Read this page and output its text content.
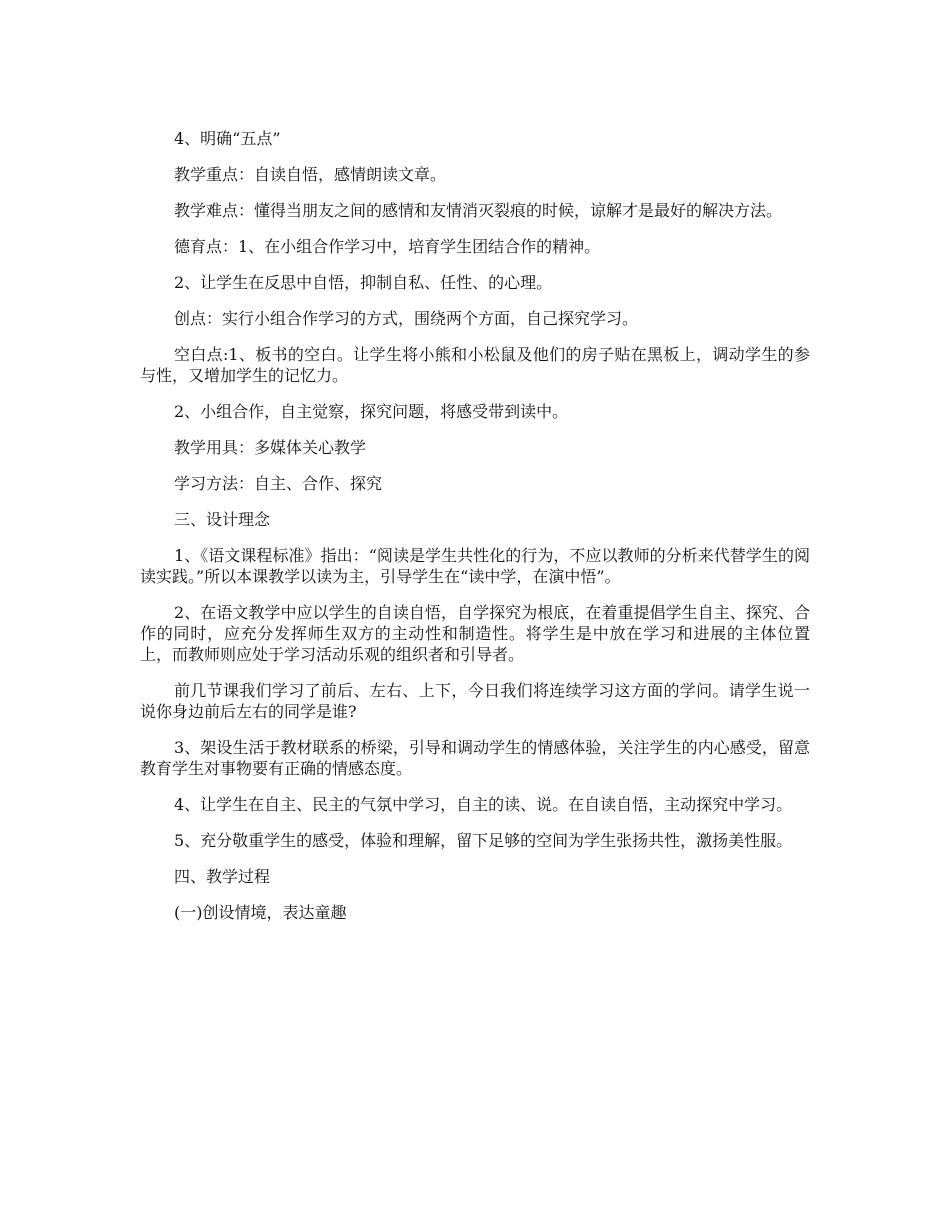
4、明确“五点”

教学重点：自读自悟，感情朗读文章。

教学难点：懂得当朋友之间的感情和友情消灭裂痕的时候，谅解才是最好的解决方法。

德育点：1、在小组合作学习中，培育学生团结合作的精神。

2、让学生在反思中自悟，抑制自私、任性、的心理。

创点：实行小组合作学习的方式，围绕两个方面，自己探究学习。

空白点:1、板书的空白。让学生将小熊和小松鼠及他们的房子贴在黑板上，调动学生的参与性，又增加学生的记忆力。

2、小组合作，自主觉察，探究问题，将感受带到读中。

教学用具：多媒体关心教学

学习方法：自主、合作、探究

三、设计理念

1、《语文课程标准》指出：“阅读是学生共性化的行为，不应以教师的分析来代替学生的阅读实践。”所以本课教学以读为主，引导学生在“读中学，在演中悟”。

2、在语文教学中应以学生的自读自悟，自学探究为根底，在着重提倡学生自主、探究、合作的同时，应充分发挥师生双方的主动性和制造性。将学生是中放在学习和进展的主体位置上，而教师则应处于学习活动乐观的组织者和引导者。

前几节课我们学习了前后、左右、上下，今日我们将连续学习这方面的学问。请学生说一说你身边前后左右的同学是谁?

3、架设生活于教材联系的桥梁，引导和调动学生的情感体验，关注学生的内心感受，留意教育学生对事物要有正确的情感态度。

4、让学生在自主、民主的气氛中学习，自主的读、说。在自读自悟，主动探究中学习。

5、充分敬重学生的感受，体验和理解，留下足够的空间为学生张扬共性，激扬美性服。

四、教学过程

(一)创设情境，表达童趣
